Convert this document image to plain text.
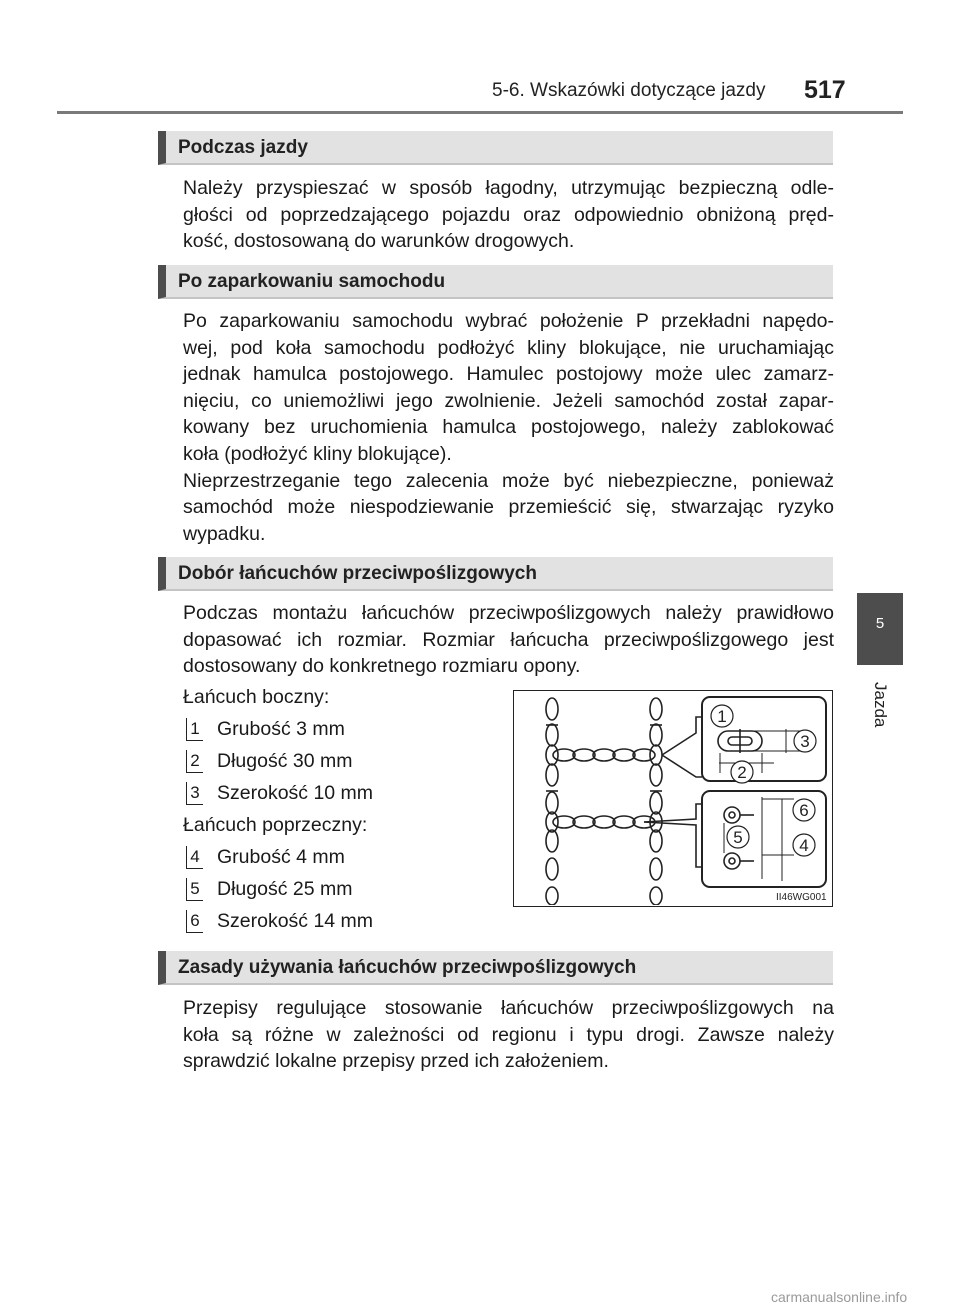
5-6. Wskazówki dotyczące jazdy 517
5
Jazda
Podczas jazdy
Należy przyspieszać w sposób łagodny, utrzymując bezpieczną odle-
głości od poprzedzającego pojazdu oraz odpowiednio obniżoną pręd-
kość, dostosowaną do warunków drogowych.
Po zaparkowaniu samochodu
Po zaparkowaniu samochodu wybrać położenie P przekładni napędo-
wej, pod koła samochodu podłożyć kliny blokujące, nie uruchamiając
jednak hamulca postojowego. Hamulec postojowy może ulec zamarz-
nięciu, co uniemożliwi jego zwolnienie. Jeżeli samochód został zapar-
kowany bez uruchomienia hamulca postojowego, należy zablokować
koła (podłożyć kliny blokujące).
Nieprzestrzeganie tego zalecenia może być niebezpieczne, ponieważ
samochód może niespodziewanie przemieścić się, stwarzając ryzyko
wypadku.
Dobór łańcuchów przeciwpoślizgowych
Podczas montażu łańcuchów przeciwpoślizgowych należy prawidłowo
dopasować ich rozmiar. Rozmiar łańcucha przeciwpoślizgowego jest
dostosowany do konkretnego rozmiaru opony.
Łańcuch boczny:
1 Grubość 3 mm
2 Długość 30 mm
3 Szerokość 10 mm
Łańcuch poprzeczny:
4 Grubość 4 mm
5 Długość 25 mm
6 Szerokość 14 mm
1
2
3
4
5
6
II46WG001
Zasady używania łańcuchów przeciwpoślizgowych
Przepisy regulujące stosowanie łańcuchów przeciwpoślizgowych na
koła są różne w zależności od regionu i typu drogi. Zawsze należy
sprawdzić lokalne przepisy przed ich założeniem.
carmanualsonline.info
